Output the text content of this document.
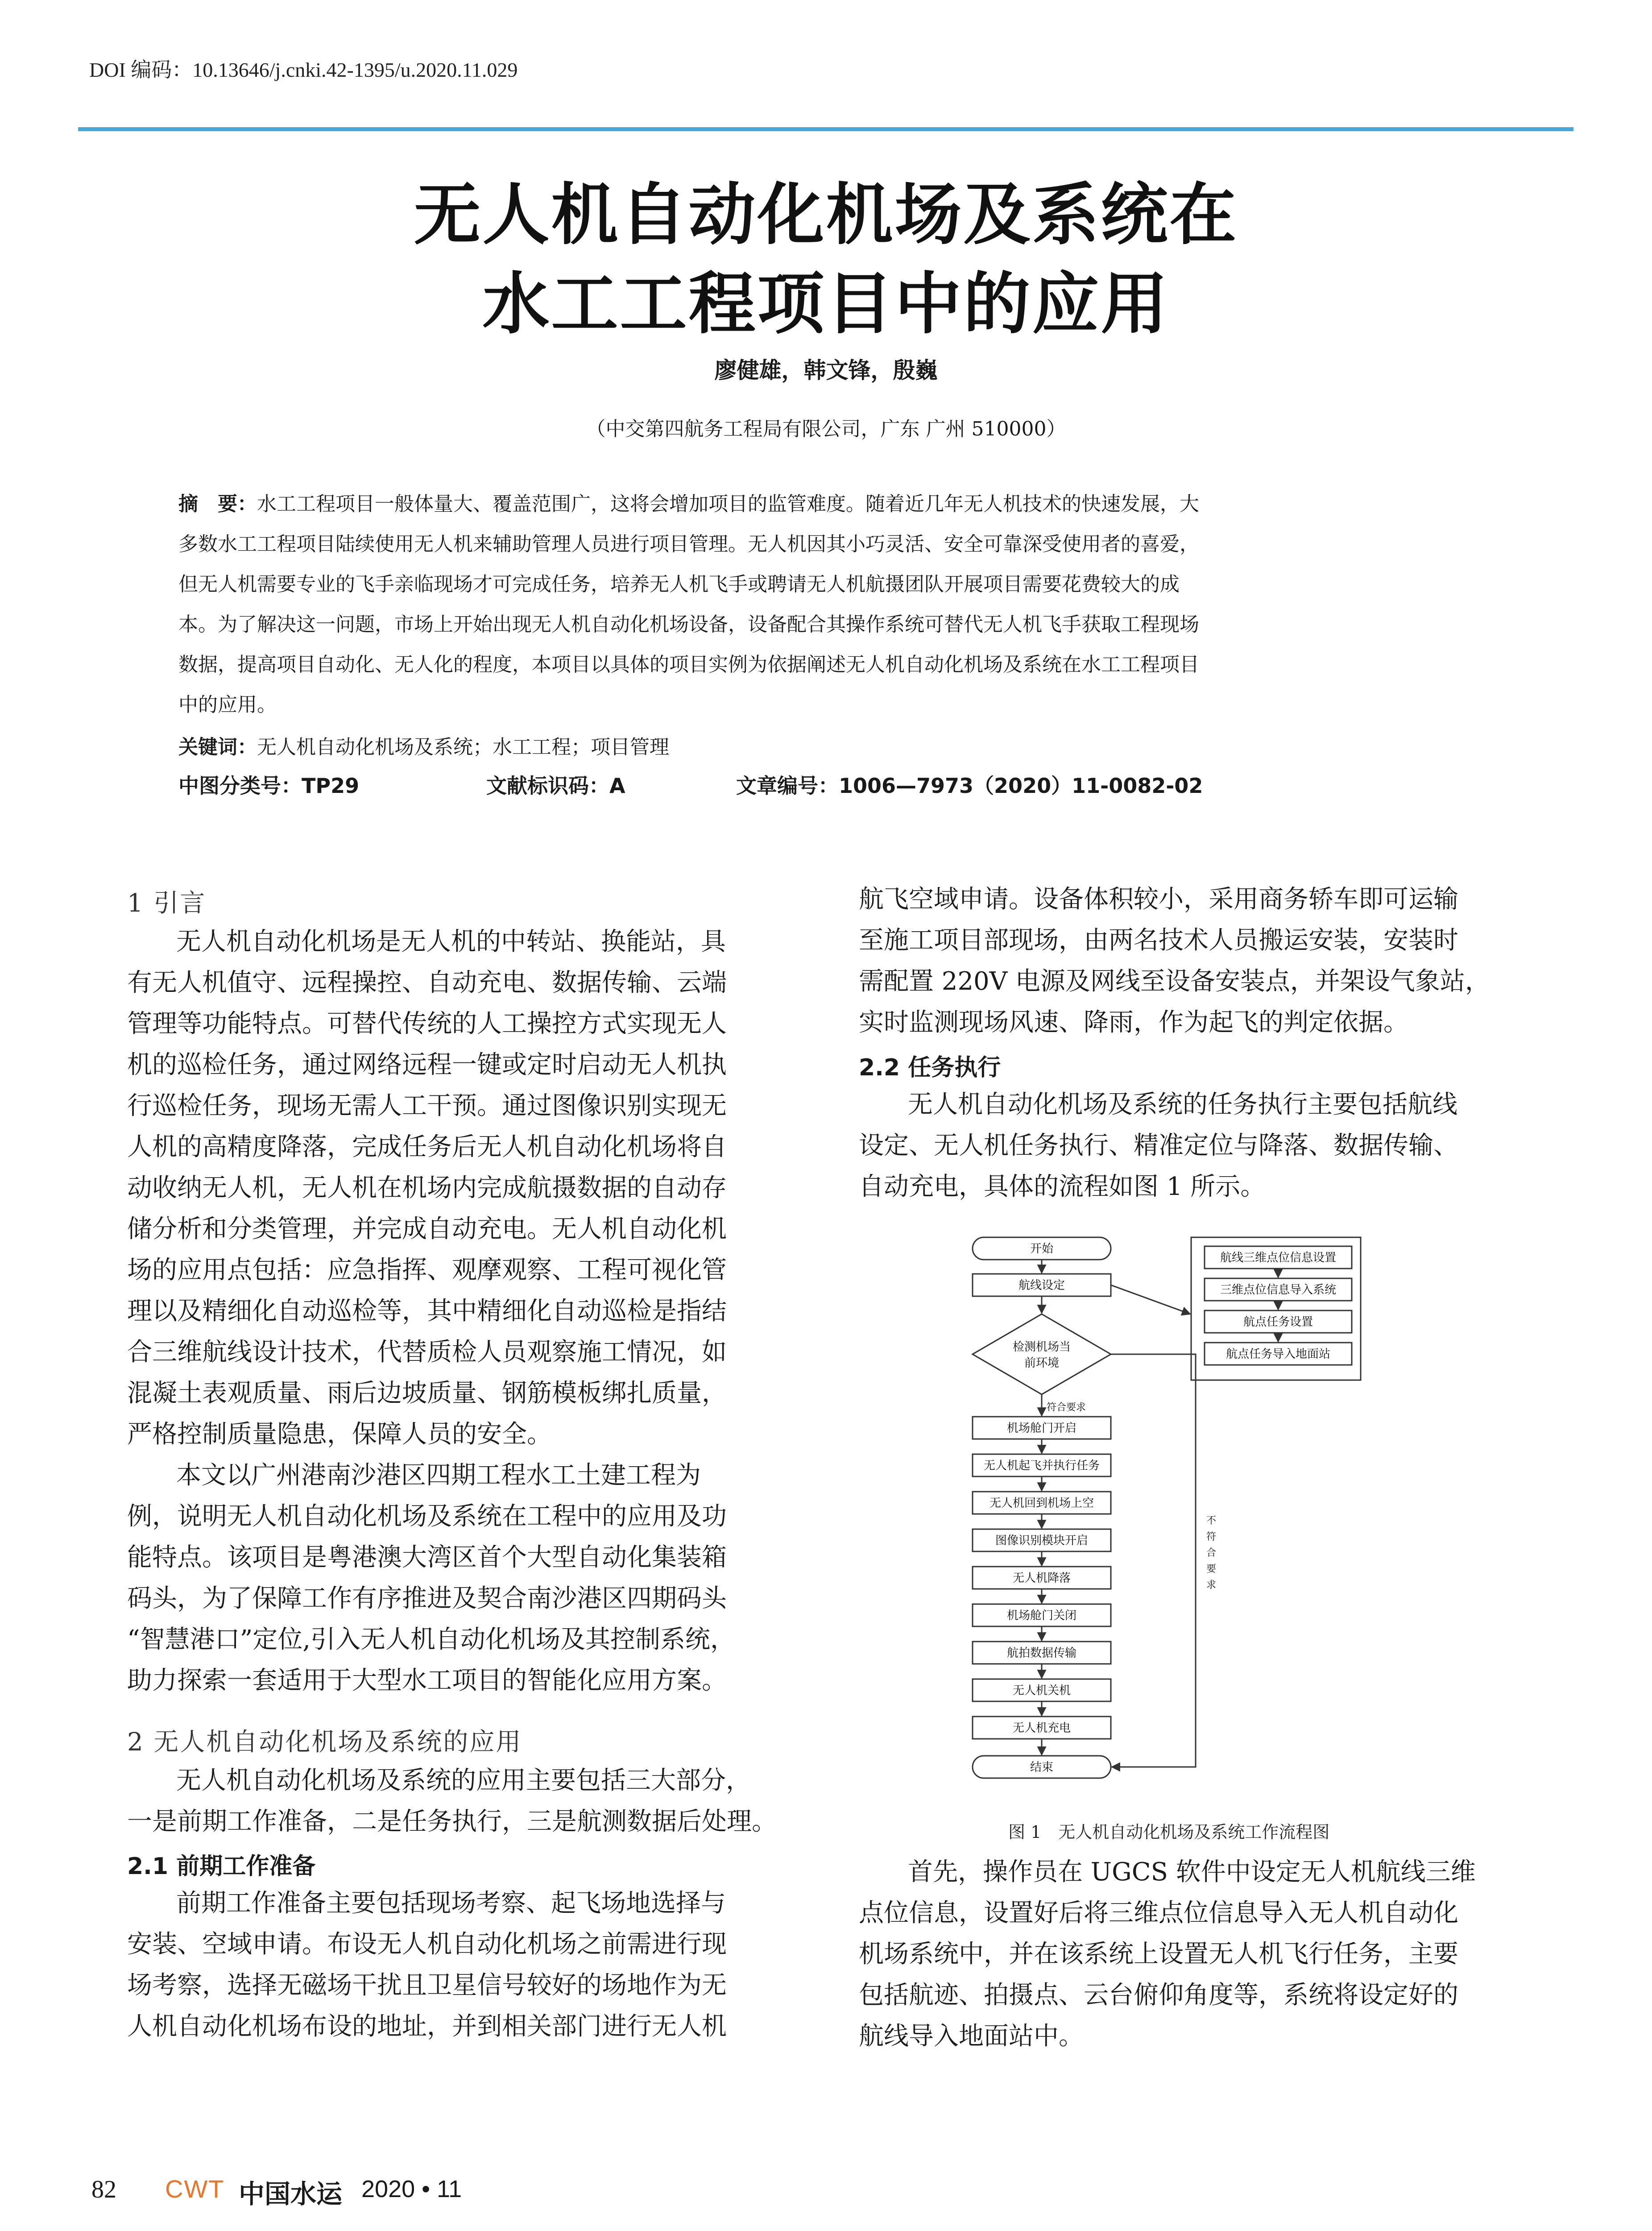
DOI 编码：10.13646/j.cnki.42-1395/u.2020.11.029
无人机自动化机场及系统在
水工工程项目中的应用
廖健雄，韩文锋，殷巍
（中交第四航务工程局有限公司，广东 广州 510000）
摘　要：水工工程项目一般体量大、覆盖范围广，这将会增加项目的监管难度。随着近几年无人机技术的快速发展，大
多数水工工程项目陆续使用无人机来辅助管理人员进行项目管理。无人机因其小巧灵活、安全可靠深受使用者的喜爱，
但无人机需要专业的飞手亲临现场才可完成任务，培养无人机飞手或聘请无人机航摄团队开展项目需要花费较大的成
本。为了解决这一问题，市场上开始出现无人机自动化机场设备，设备配合其操作系统可替代无人机飞手获取工程现场
数据，提高项目自动化、无人化的程度，本项目以具体的项目实例为依据阐述无人机自动化机场及系统在水工工程项目
中的应用。
关键词：无人机自动化机场及系统；水工工程；项目管理
中图分类号：TP29	文献标识码：A	文章编号：1006—7973（2020）11-0082-02
1 引言
无人机自动化机场是无人机的中转站、换能站，具
有无人机值守、远程操控、自动充电、数据传输、云端
管理等功能特点。可替代传统的人工操控方式实现无人
机的巡检任务，通过网络远程一键或定时启动无人机执
行巡检任务，现场无需人工干预。通过图像识别实现无
人机的高精度降落，完成任务后无人机自动化机场将自
动收纳无人机，无人机在机场内完成航摄数据的自动存
储分析和分类管理，并完成自动充电。无人机自动化机
场的应用点包括：应急指挥、观摩观察、工程可视化管
理以及精细化自动巡检等，其中精细化自动巡检是指结
合三维航线设计技术，代替质检人员观察施工情况，如
混凝土表观质量、雨后边坡质量、钢筋模板绑扎质量，
严格控制质量隐患，保障人员的安全。
本文以广州港南沙港区四期工程水工土建工程为
例，说明无人机自动化机场及系统在工程中的应用及功
能特点。该项目是粤港澳大湾区首个大型自动化集装箱
码头，为了保障工作有序推进及契合南沙港区四期码头
“智慧港口”定位,引入无人机自动化机场及其控制系统，
助力探索一套适用于大型水工项目的智能化应用方案。
2 无人机自动化机场及系统的应用
无人机自动化机场及系统的应用主要包括三大部分，
一是前期工作准备，二是任务执行，三是航测数据后处理。
2.1 前期工作准备
前期工作准备主要包括现场考察、起飞场地选择与
安装、空域申请。布设无人机自动化机场之前需进行现
场考察，选择无磁场干扰且卫星信号较好的场地作为无
人机自动化机场布设的地址，并到相关部门进行无人机
航飞空域申请。设备体积较小，采用商务轿车即可运输
至施工项目部现场，由两名技术人员搬运安装，安装时
需配置 220V 电源及网线至设备安装点，并架设气象站，
实时监测现场风速、降雨，作为起飞的判定依据。
2.2 任务执行
无人机自动化机场及系统的任务执行主要包括航线
设定、无人机任务执行、精准定位与降落、数据传输、
自动充电，具体的流程如图 1 所示。
开始
航线设定
检测机场当
前环境
符合要求
机场舱门开启
无人机起飞并执行任务
无人机回到机场上空
图像识别模块开启
无人机降落
机场舱门关闭
航拍数据传输
无人机关机
无人机充电
结束
航线三维点位信息设置
三维点位信息导入系统
航点任务设置
航点任务导入地面站
不
符
合
要
求
图 1　无人机自动化机场及系统工作流程图
首先，操作员在 UGCS 软件中设定无人机航线三维
点位信息，设置好后将三维点位信息导入无人机自动化
机场系统中，并在该系统上设置无人机飞行任务，主要
包括航迹、拍摄点、云台俯仰角度等，系统将设定好的
航线导入地面站中。
82 CWT 中国水运 2020 • 11
